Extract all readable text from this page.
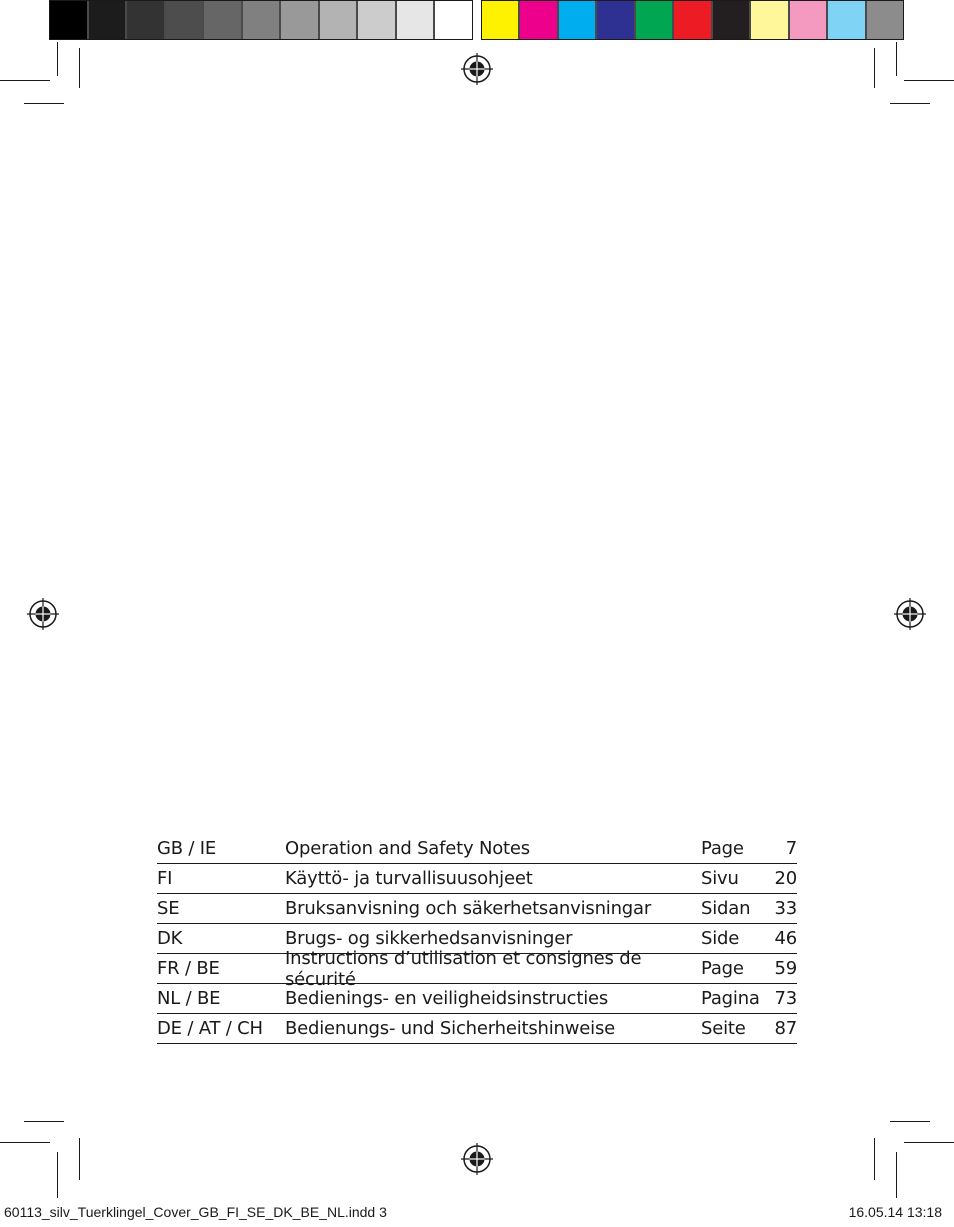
GB / IE	Operation and Safety Notes	Page	7
FI	Käyttö- ja turvallisuusohjeet	Sivu	20
SE	Bruksanvisning och säkerhetsanvisningar	Sidan	33
DK	Brugs- og sikkerhedsanvisninger	Side	46
FR / BE	Instructions d’utilisation et consignes de sécurité	Page	59
NL / BE	Bedienings- en veiligheidsinstructies	Pagina 73
DE / AT / CH	Bedienungs- und Sicherheitshinweise	Seite	87
60113_silv_Tuerklingel_Cover_GB_FI_SE_DK_BE_NL.indd 3	16.05.14 13:18
